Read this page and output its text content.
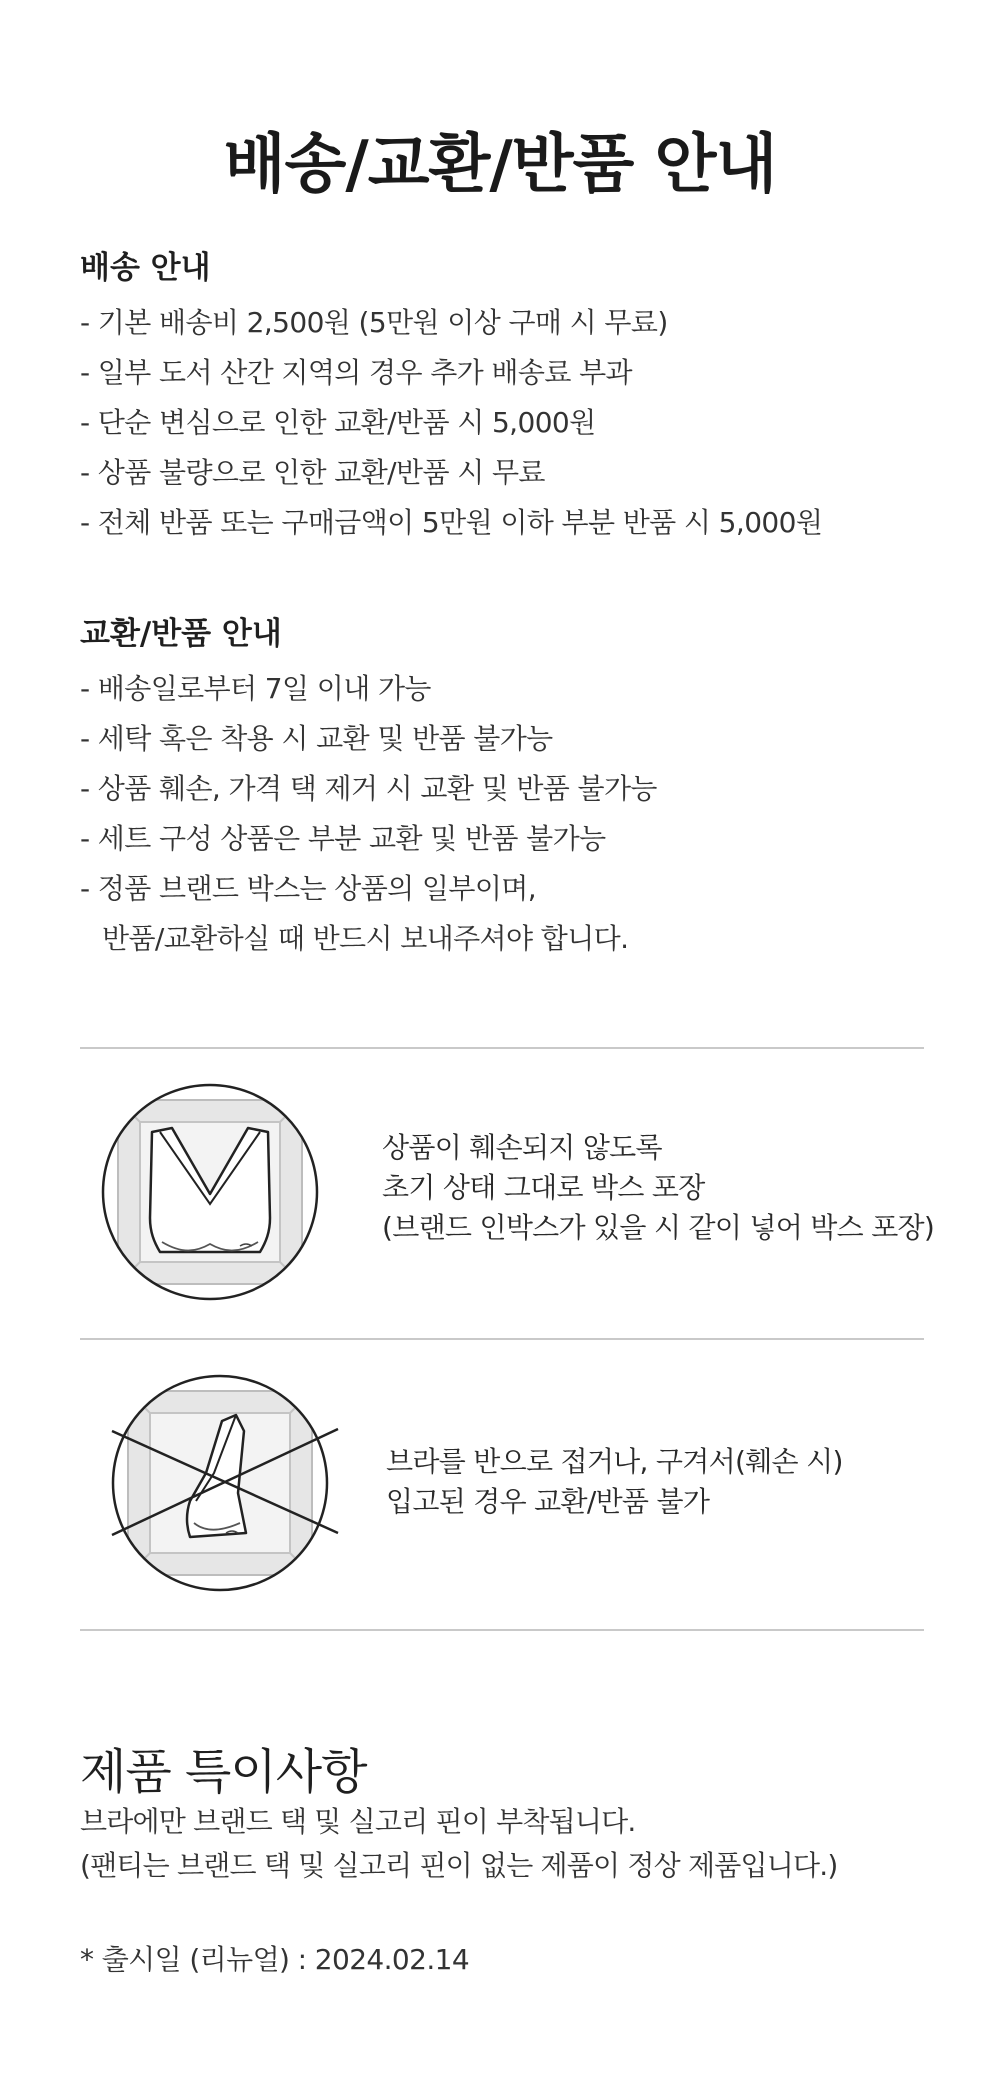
배송/교환/반품 안내
배송 안내
- 기본 배송비 2,500원 (5만원 이상 구매 시 무료)
- 일부 도서 산간 지역의 경우 추가 배송료 부과
- 단순 변심으로 인한 교환/반품 시 5,000원
- 상품 불량으로 인한 교환/반품 시 무료
- 전체 반품 또는 구매금액이 5만원 이하 부분 반품 시 5,000원
교환/반품 안내
- 배송일로부터 7일 이내 가능
- 세탁 혹은 착용 시 교환 및 반품 불가능
- 상품 훼손, 가격 택 제거 시 교환 및 반품 불가능
- 세트 구성 상품은 부분 교환 및 반품 불가능
- 정품 브랜드 박스는 상품의 일부이며,
반품/교환하실 때 반드시 보내주셔야 합니다.
상품이 훼손되지 않도록
초기 상태 그대로 박스 포장
(브랜드 인박스가 있을 시 같이 넣어 박스 포장)
브라를 반으로 접거나, 구겨서(훼손 시)
입고된 경우 교환/반품 불가
제품 특이사항
브라에만 브랜드 택 및 실고리 핀이 부착됩니다.
(팬티는 브랜드 택 및 실고리 핀이 없는 제품이 정상 제품입니다.)
* 출시일 (리뉴얼) : 2024.02.14
